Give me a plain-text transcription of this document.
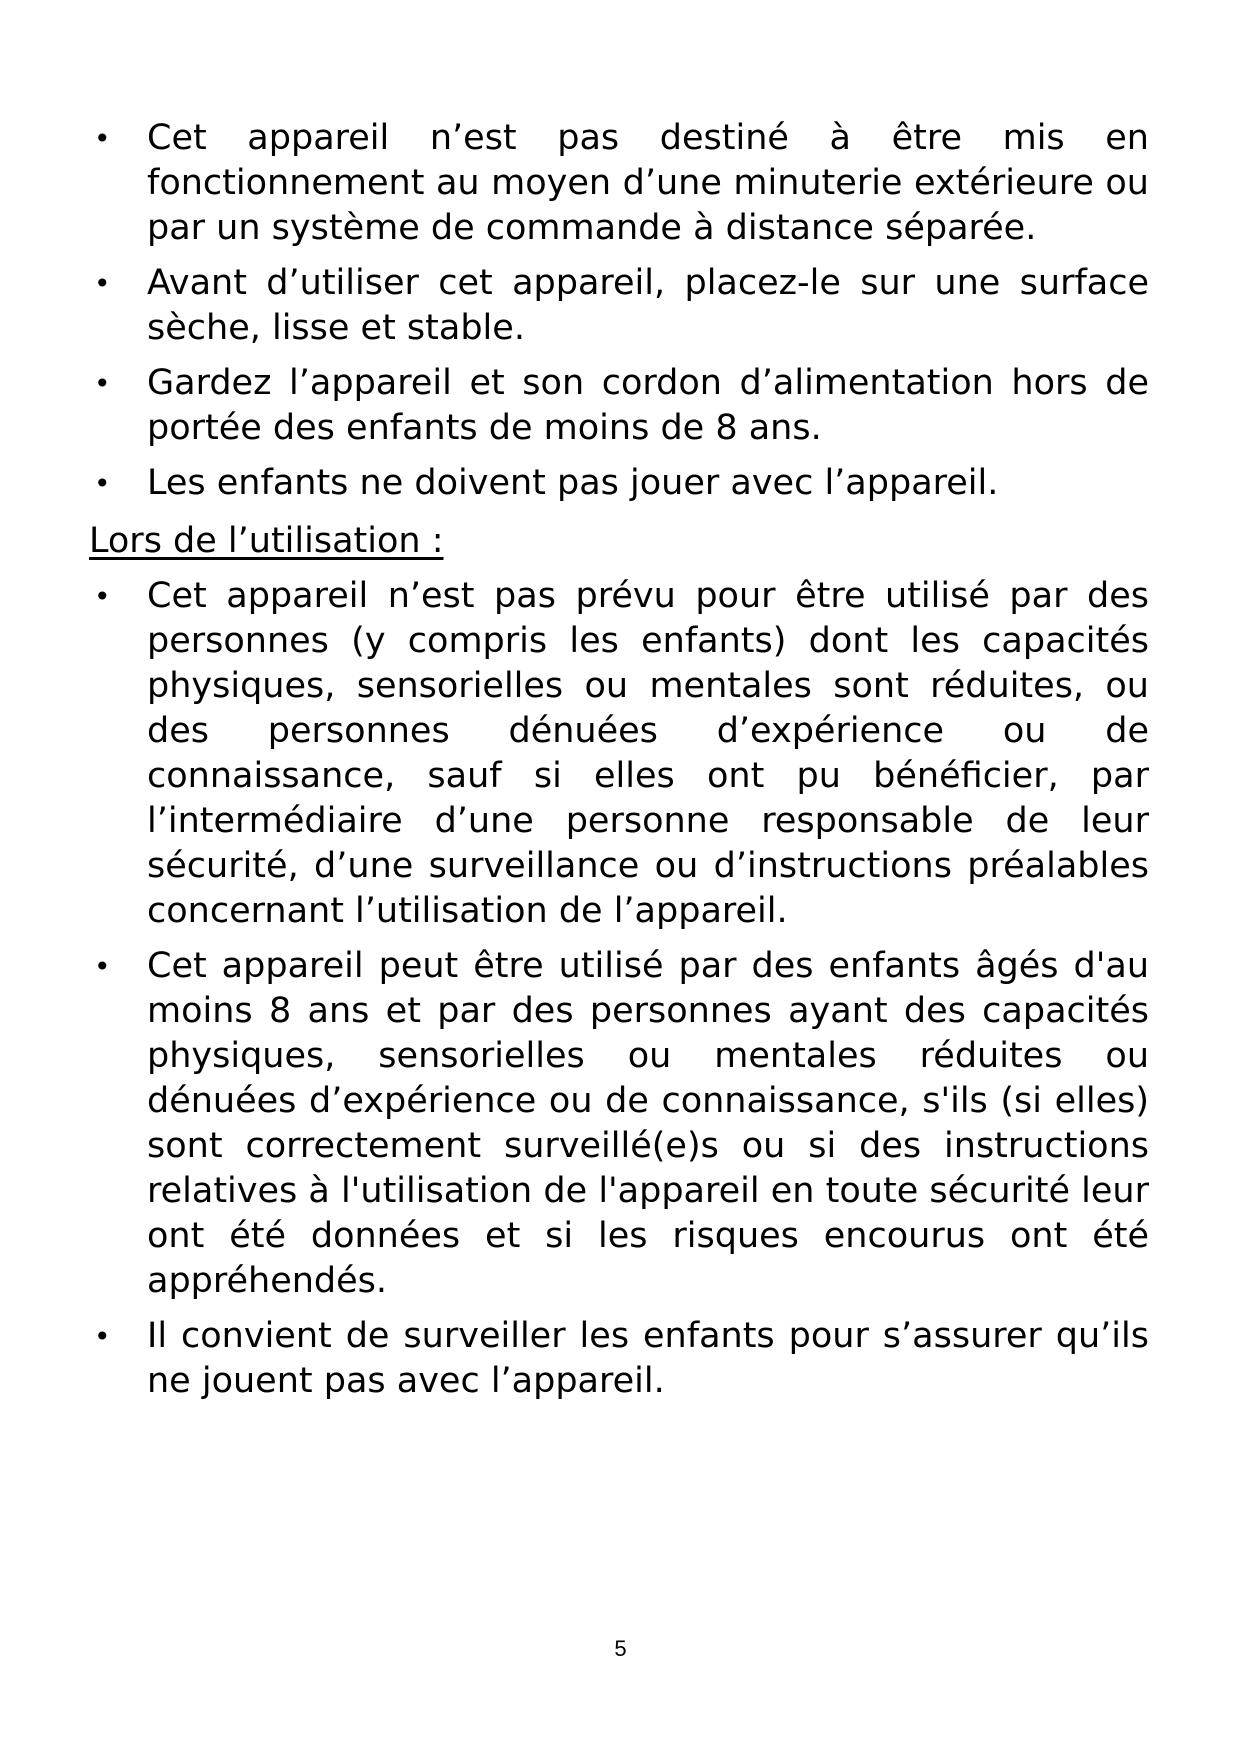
•	Cet appareil n’est pas destiné à être mis en fonctionnement au moyen d’une minuterie extérieure ou par un système de commande à distance séparée.
•	Avant d’utiliser cet appareil, placez-le sur une surface sèche, lisse et stable.
•	Gardez l’appareil et son cordon d’alimentation hors de portée des enfants de moins de 8 ans.
•	Les enfants ne doivent pas jouer avec l’appareil.
Lors de l’utilisation :
•	Cet appareil n’est pas prévu pour être utilisé par des personnes (y compris les enfants) dont les capacités physiques, sensorielles ou mentales sont réduites, ou des personnes dénuées d’expérience ou de connaissance, sauf si elles ont pu bénéficier, par l’intermédiaire d’une personne responsable de leur sécurité, d’une surveillance ou d’instructions préalables concernant l’utilisation de l’appareil.
•	Cet appareil peut être utilisé par des enfants âgés d'au moins 8 ans et par des personnes ayant des capacités physiques, sensorielles ou mentales réduites ou dénuées d’expérience ou de connaissance, s'ils (si elles) sont correctement surveillé(e)s ou si des instructions relatives à l'utilisation de l'appareil en toute sécurité leur ont été données et si les risques encourus ont été appréhendés.
•	Il convient de surveiller les enfants pour s’assurer qu’ils ne jouent pas avec l’appareil.
5
